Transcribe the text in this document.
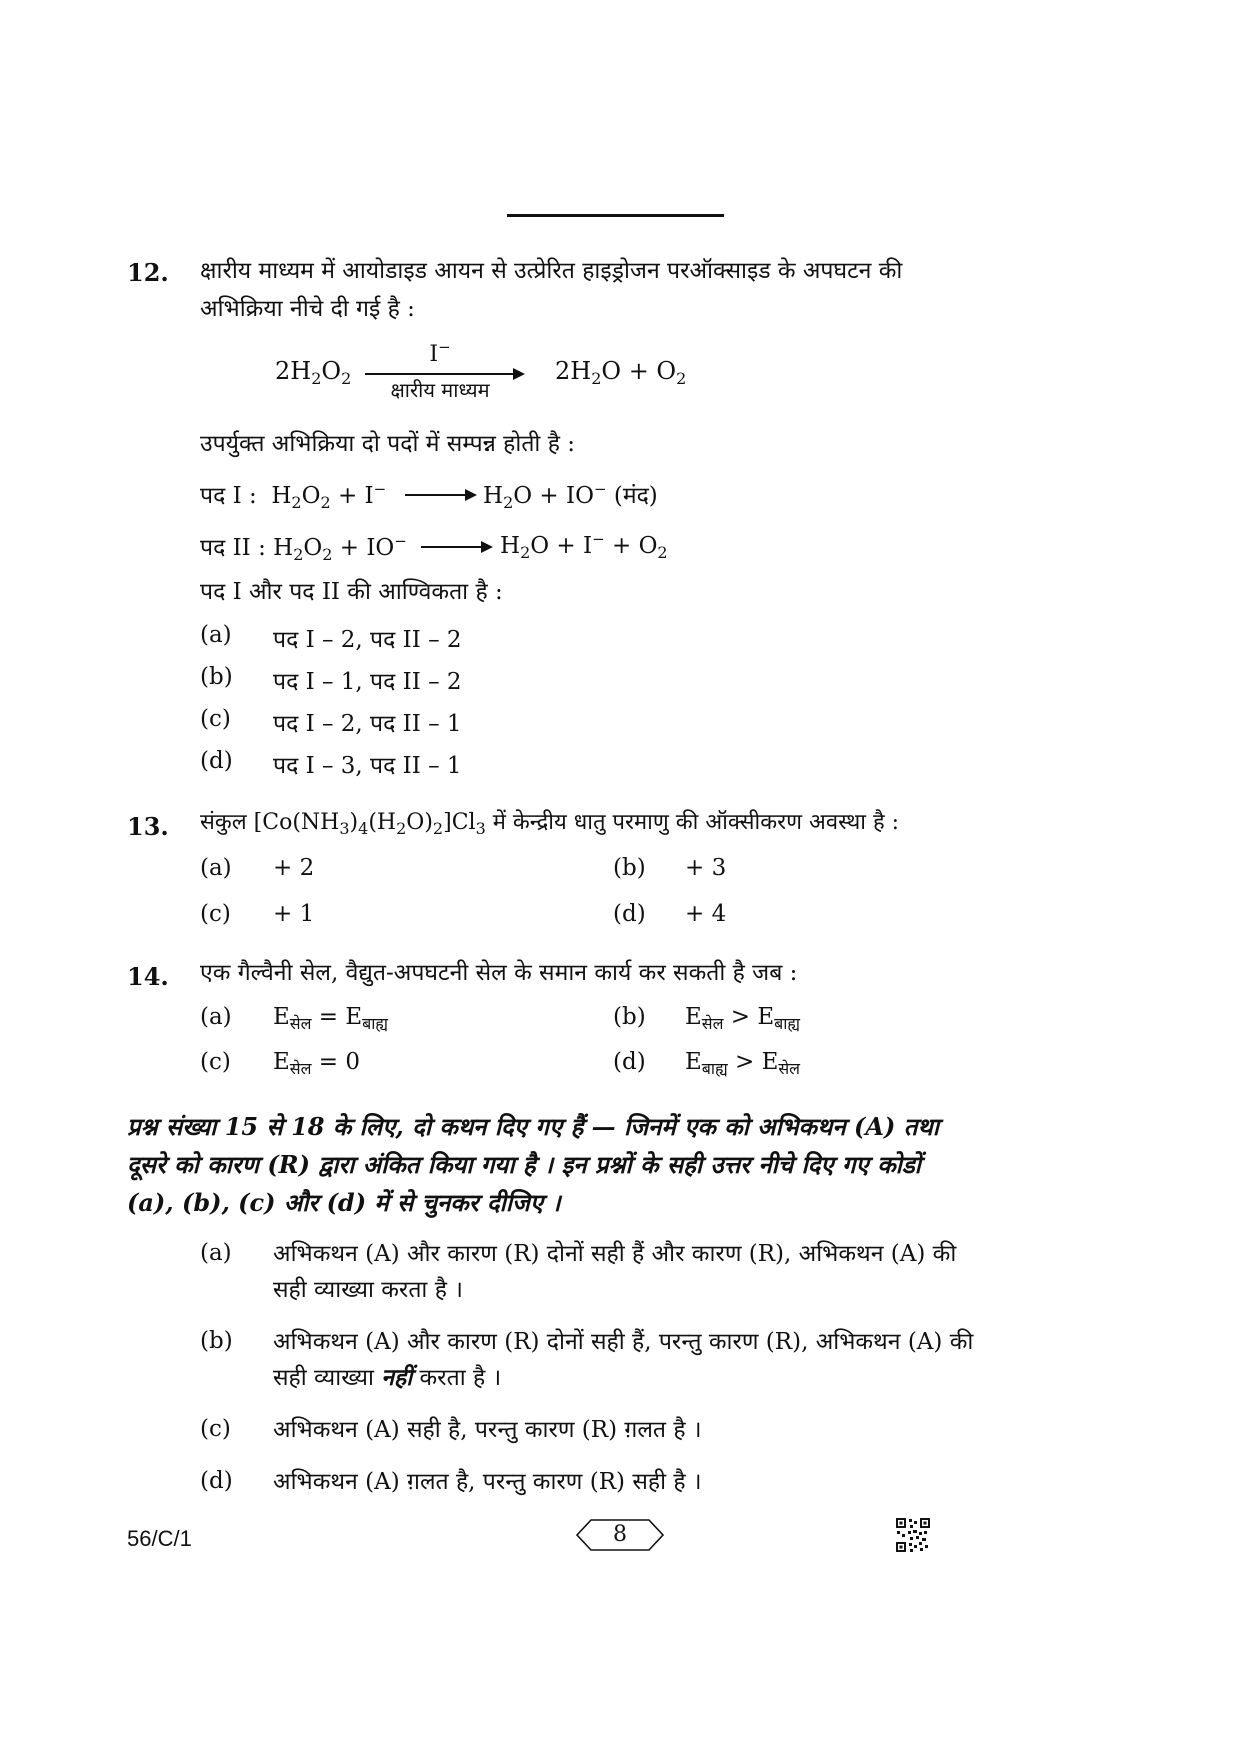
12. क्षारीय माध्यम में आयोडाइड आयन से उत्प्रेरित हाइड्रोजन परऑक्साइड के अपघटन की
अभिक्रिया नीचे दी गई है :
$2H_2O_2$
I−
क्षारीय माध्यम
$2H_2O + O_2$
उपर्युक्त अभिक्रिया दो पदों में सम्पन्न होती है :
पद I : $H_2O_2 + I^-$	$H_2O + IO^-$ (मंद)
पद II : $H_2O_2 + IO^-$	$H_2O + I^- + O_2$
पद I और पद II की आण्विकता है :
(a) पद I – 2, पद II – 2
(b) पद I – 1, पद II – 2
(c) पद I – 2, पद II – 1
(d) पद I – 3, पद II – 1
13. संकुल $[Co(NH_3)_4(H_2O)_2]Cl_3$ में केन्द्रीय धातु परमाणु की ऑक्सीकरण अवस्था है :
(a) + 2	(b) + 3
(c) + 1	(d) + 4
14. एक गैल्वैनी सेल, वैद्युत-अपघटनी सेल के समान कार्य कर सकती है जब :
(a) $E_{सेल} = E_{बाह्य}$	(b) $E_{सेल} > E_{बाह्य}$
(c) $E_{सेल} = 0$	(d) $E_{बाह्य} > E_{सेल}$
प्रश्न संख्या 15 से 18 के लिए, दो कथन दिए गए हैं — जिनमें एक को अभिकथन (A) तथा
दूसरे को कारण (R) द्वारा अंकित किया गया है । इन प्रश्नों के सही उत्तर नीचे दिए गए कोडों
(a), (b), (c) और (d) में से चुनकर दीजिए ।
(a) अभिकथन (A) और कारण (R) दोनों सही हैं और कारण (R), अभिकथन (A) की
सही व्याख्या करता है ।
(b) अभिकथन (A) और कारण (R) दोनों सही हैं, परन्तु कारण (R), अभिकथन (A) की
सही व्याख्या नहीं करता है ।
(c) अभिकथन (A) सही है, परन्तु कारण (R) ग़लत है ।
(d) अभिकथन (A) ग़लत है, परन्तु कारण (R) सही है ।
56/C/1	8
